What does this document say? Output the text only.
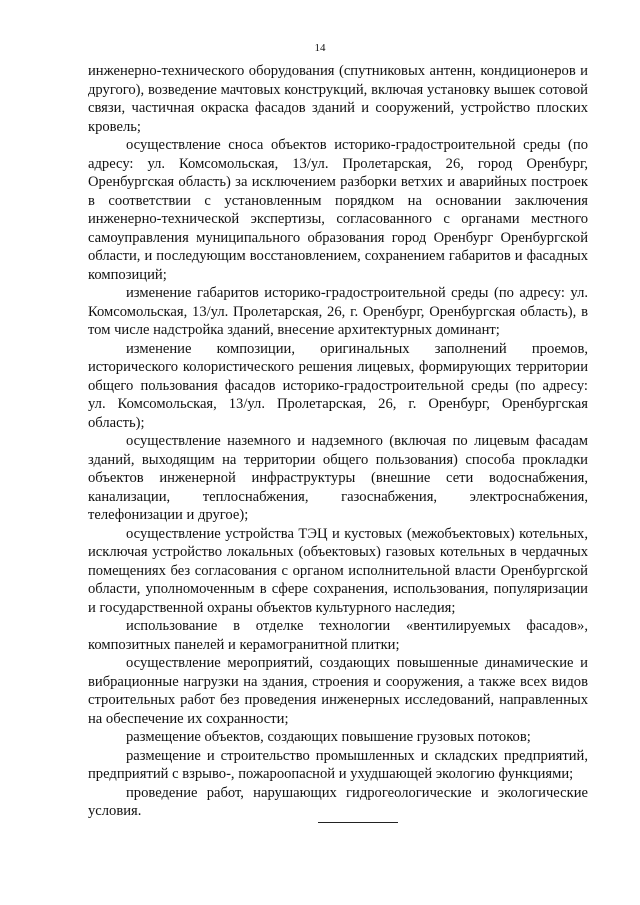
14

инженерно-технического оборудования (спутниковых антенн, кондиционеров и другого), возведение мачтовых конструкций, включая установку вышек сотовой связи, частичная окраска фасадов зданий и сооружений, устройство плоских кровель;

осуществление сноса объектов историко-градостроительной среды (по адресу: ул. Комсомольская, 13/ул. Пролетарская, 26, город Оренбург, Оренбургская область) за исключением разборки ветхих и аварийных построек в соответствии с установленным порядком на основании заключения инженерно-технической экспертизы, согласованного с органами местного самоуправления муниципального образования город Оренбург Оренбургской области, и последующим восстановлением, сохранением габаритов и фасадных композиций;

изменение габаритов историко-градостроительной среды (по адресу: ул. Комсомольская, 13/ул. Пролетарская, 26, г. Оренбург, Оренбургская область), в том числе надстройка зданий, внесение архитектурных доминант;

изменение композиции, оригинальных заполнений проемов, исторического колористического решения лицевых, формирующих территории общего пользования фасадов историко-градостроительной среды (по адресу: ул. Комсомольская, 13/ул. Пролетарская, 26, г. Оренбург, Оренбургская область);

осуществление наземного и надземного (включая по лицевым фасадам зданий, выходящим на территории общего пользования) способа прокладки объектов инженерной инфраструктуры (внешние сети водоснабжения, канализации, теплоснабжения, газоснабжения, электроснабжения, телефонизации и другое);

осуществление устройства ТЭЦ и кустовых (межобъектовых) котельных, исключая устройство локальных (объектовых) газовых котельных в чердачных помещениях без согласования с органом исполнительной власти Оренбургской области, уполномоченным в сфере сохранения, использования, популяризации и государственной охраны объектов культурного наследия;

использование в отделке технологии «вентилируемых фасадов», композитных панелей и керамогранитной плитки;

осуществление мероприятий, создающих повышенные динамические и вибрационные нагрузки на здания, строения и сооружения, а также всех видов строительных работ без проведения инженерных исследований, направленных на обеспечение их сохранности;

размещение объектов, создающих повышение грузовых потоков;

размещение и строительство промышленных и складских предприятий, предприятий с взрыво-, пожароопасной и ухудшающей экологию функциями;

проведение работ, нарушающих гидрогеологические и экологические условия.
